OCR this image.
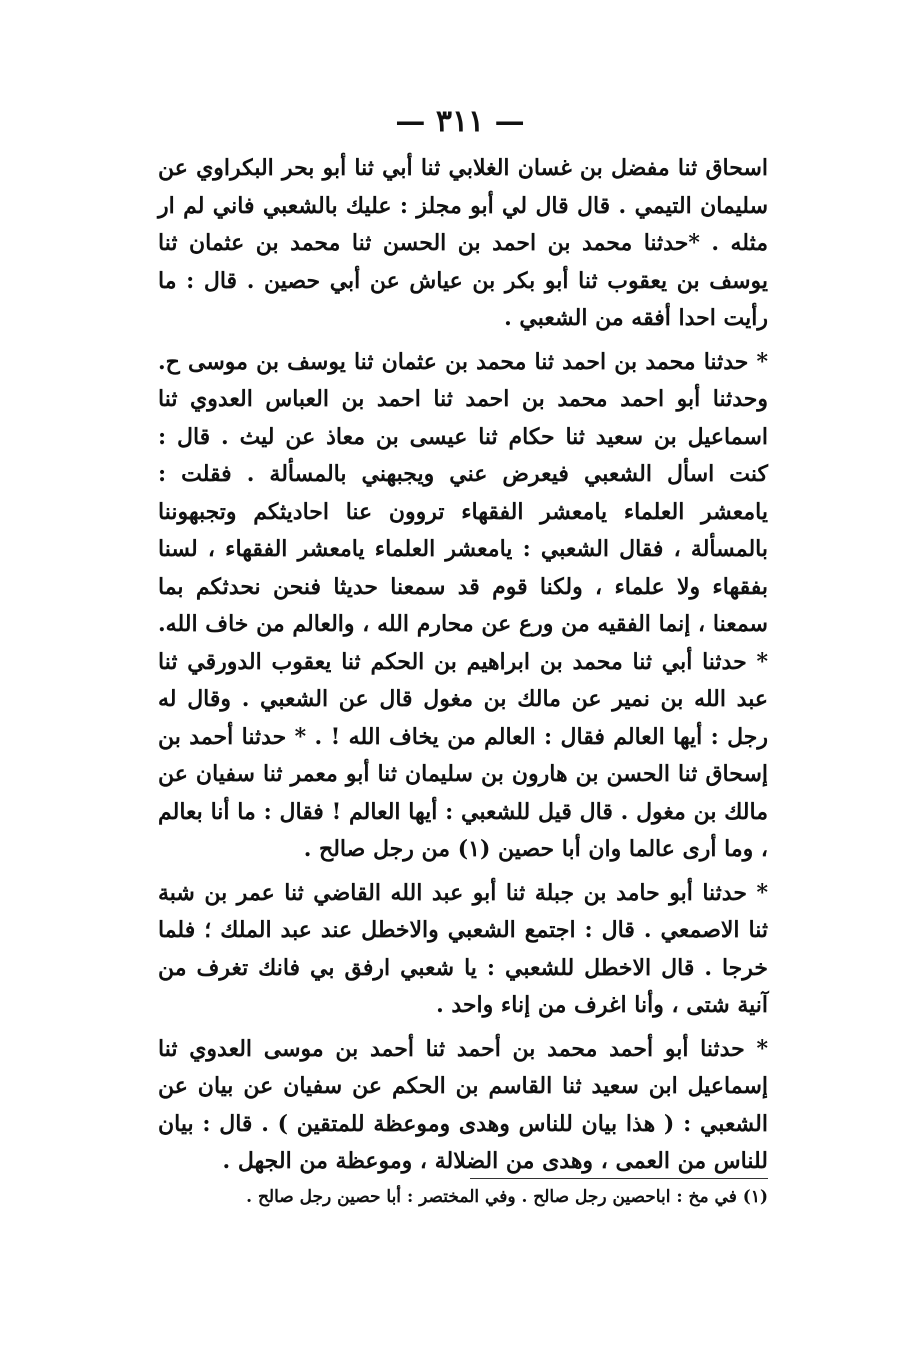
— ٣١١ —

اسحاق ثنا مفضل بن غسان الغلابي ثنا أبي ثنا أبو بحر البكراوي عن سليمان التيمي . قال قال لي أبو مجلز : عليك بالشعبي فاني لم ار مثله . *حدثنا محمد بن احمد بن الحسن ثنا محمد بن عثمان ثنا يوسف بن يعقوب ثنا أبو بكر بن عياش عن أبي حصين . قال : ما رأيت احدا أفقه من الشعبي .

* حدثنا محمد بن احمد ثنا محمد بن عثمان ثنا يوسف بن موسى ح. وحدثنا أبو احمد محمد بن احمد ثنا احمد بن العباس العدوي ثنا اسماعيل بن سعيد ثنا حكام ثنا عيسى بن معاذ عن ليث . قال : كنت اسأل الشعبي فيعرض عني ويجبهني بالمسألة . فقلت : يامعشر العلماء يامعشر الفقهاء تروون عنا احاديثكم وتجبهوننا بالمسألة ، فقال الشعبي : يامعشر العلماء يامعشر الفقهاء ، لسنا بفقهاء ولا علماء ، ولكنا قوم قد سمعنا حديثا فنحن نحدثكم بما سمعنا ، إنما الفقيه من ورع عن محارم الله ، والعالم من خاف الله. * حدثنا أبي ثنا محمد بن ابراهيم بن الحكم ثنا يعقوب الدورقي ثنا عبد الله بن نمير عن مالك بن مغول قال عن الشعبي . وقال له رجل : أيها العالم فقال : العالم من يخاف الله ! . * حدثنا أحمد بن إسحاق ثنا الحسن بن هارون بن سليمان ثنا أبو معمر ثنا سفيان عن مالك بن مغول . قال قيل للشعبي : أيها العالم ! فقال : ما أنا بعالم ، وما أرى عالما وان أبا حصين (١) من رجل صالح .

* حدثنا أبو حامد بن جبلة ثنا أبو عبد الله القاضي ثنا عمر بن شبة ثنا الاصمعي . قال : اجتمع الشعبي والاخطل عند عبد الملك ؛ فلما خرجا . قال الاخطل للشعبي : يا شعبي ارفق بي فانك تغرف من آنية شتى ، وأنا اغرف من إناء واحد .

* حدثنا أبو أحمد محمد بن أحمد ثنا أحمد بن موسى العدوي ثنا إسماعيل ابن سعيد ثنا القاسم بن الحكم عن سفيان عن بيان عن الشعبي : ( هذا بيان للناس وهدى وموعظة للمتقين ) . قال : بيان للناس من العمى ، وهدى من الضلالة ، وموعظة من الجهل .

(١) في مخ : اباحصين رجل صالح . وفي المختصر : أبا حصين رجل صالح .
